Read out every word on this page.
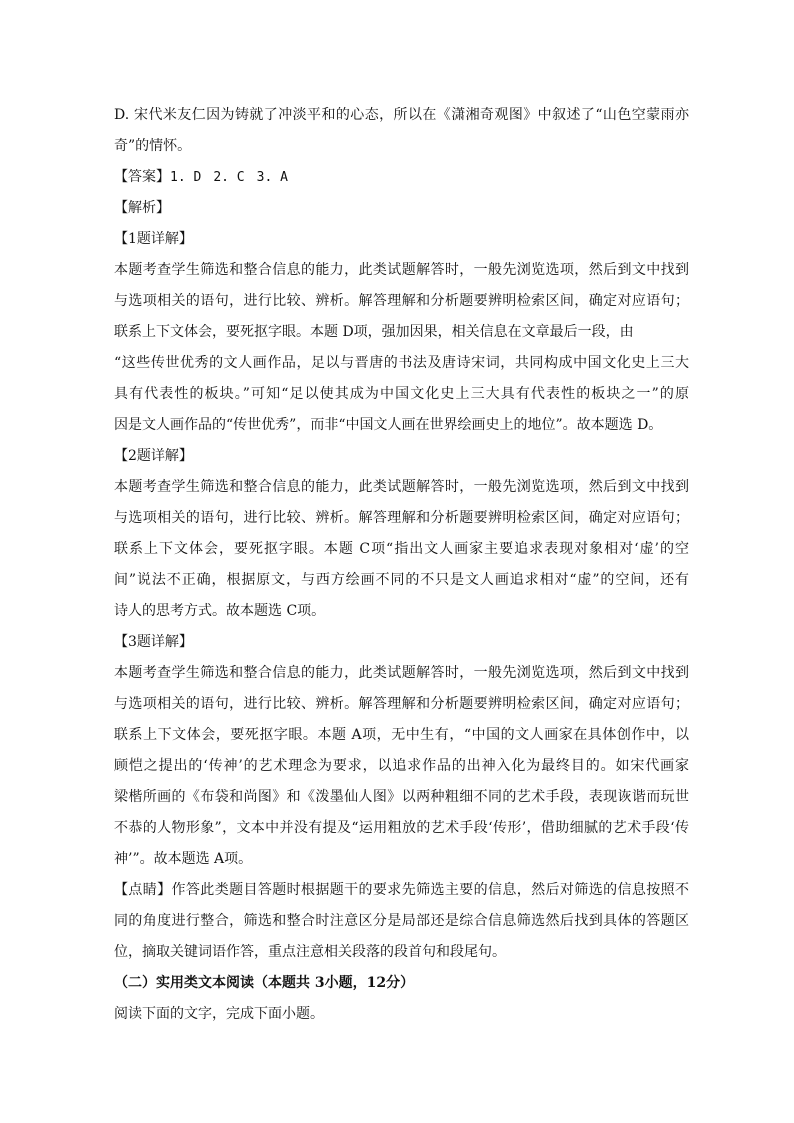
D. 宋代米友仁因为铸就了冲淡平和的心态，所以在《潇湘奇观图》中叙述了“山色空蒙雨亦
奇”的情怀。
【答案】1. D 2. C 3. A
【解析】
【1题详解】
本题考查学生筛选和整合信息的能力，此类试题解答时，一般先浏览选项，然后到文中找到
与选项相关的语句，进行比较、辨析。解答理解和分析题要辨明检索区间，确定对应语句；
联系上下文体会，要死抠字眼。本题 D项，强加因果，相关信息在文章最后一段，由
“这些传世优秀的文人画作品，足以与晋唐的书法及唐诗宋词，共同构成中国文化史上三大
具有代表性的板块。”可知“足以使其成为中国文化史上三大具有代表性的板块之一”的原
因是文人画作品的“传世优秀”，而非“中国文人画在世界绘画史上的地位”。故本题选 D。
【2题详解】
本题考查学生筛选和整合信息的能力，此类试题解答时，一般先浏览选项，然后到文中找到
与选项相关的语句，进行比较、辨析。解答理解和分析题要辨明检索区间，确定对应语句；
联系上下文体会，要死抠字眼。本题 C项“指出文人画家主要追求表现对象相对‘虚’的空
间”说法不正确，根据原文，与西方绘画不同的不只是文人画追求相对“虚”的空间，还有
诗人的思考方式。故本题选 C项。
【3题详解】
本题考查学生筛选和整合信息的能力，此类试题解答时，一般先浏览选项，然后到文中找到
与选项相关的语句，进行比较、辨析。解答理解和分析题要辨明检索区间，确定对应语句；
联系上下文体会，要死抠字眼。本题 A项，无中生有，“中国的文人画家在具体创作中，以
顾恺之提出的‘传神’的艺术理念为要求，以追求作品的出神入化为最终目的。如宋代画家
梁楷所画的《布袋和尚图》和《泼墨仙人图》以两种粗细不同的艺术手段，表现诙谐而玩世
不恭的人物形象”，文本中并没有提及“运用粗放的艺术手段‘传形’，借助细腻的艺术手段‘传
神’”。故本题选 A项。
【点睛】作答此类题目答题时根据题干的要求先筛选主要的信息，然后对筛选的信息按照不
同的角度进行整合，筛选和整合时注意区分是局部还是综合信息筛选然后找到具体的答题区
位，摘取关键词语作答，重点注意相关段落的段首句和段尾句。
（二）实用类文本阅读（本题共 3小题，12分）
阅读下面的文字，完成下面小题。
